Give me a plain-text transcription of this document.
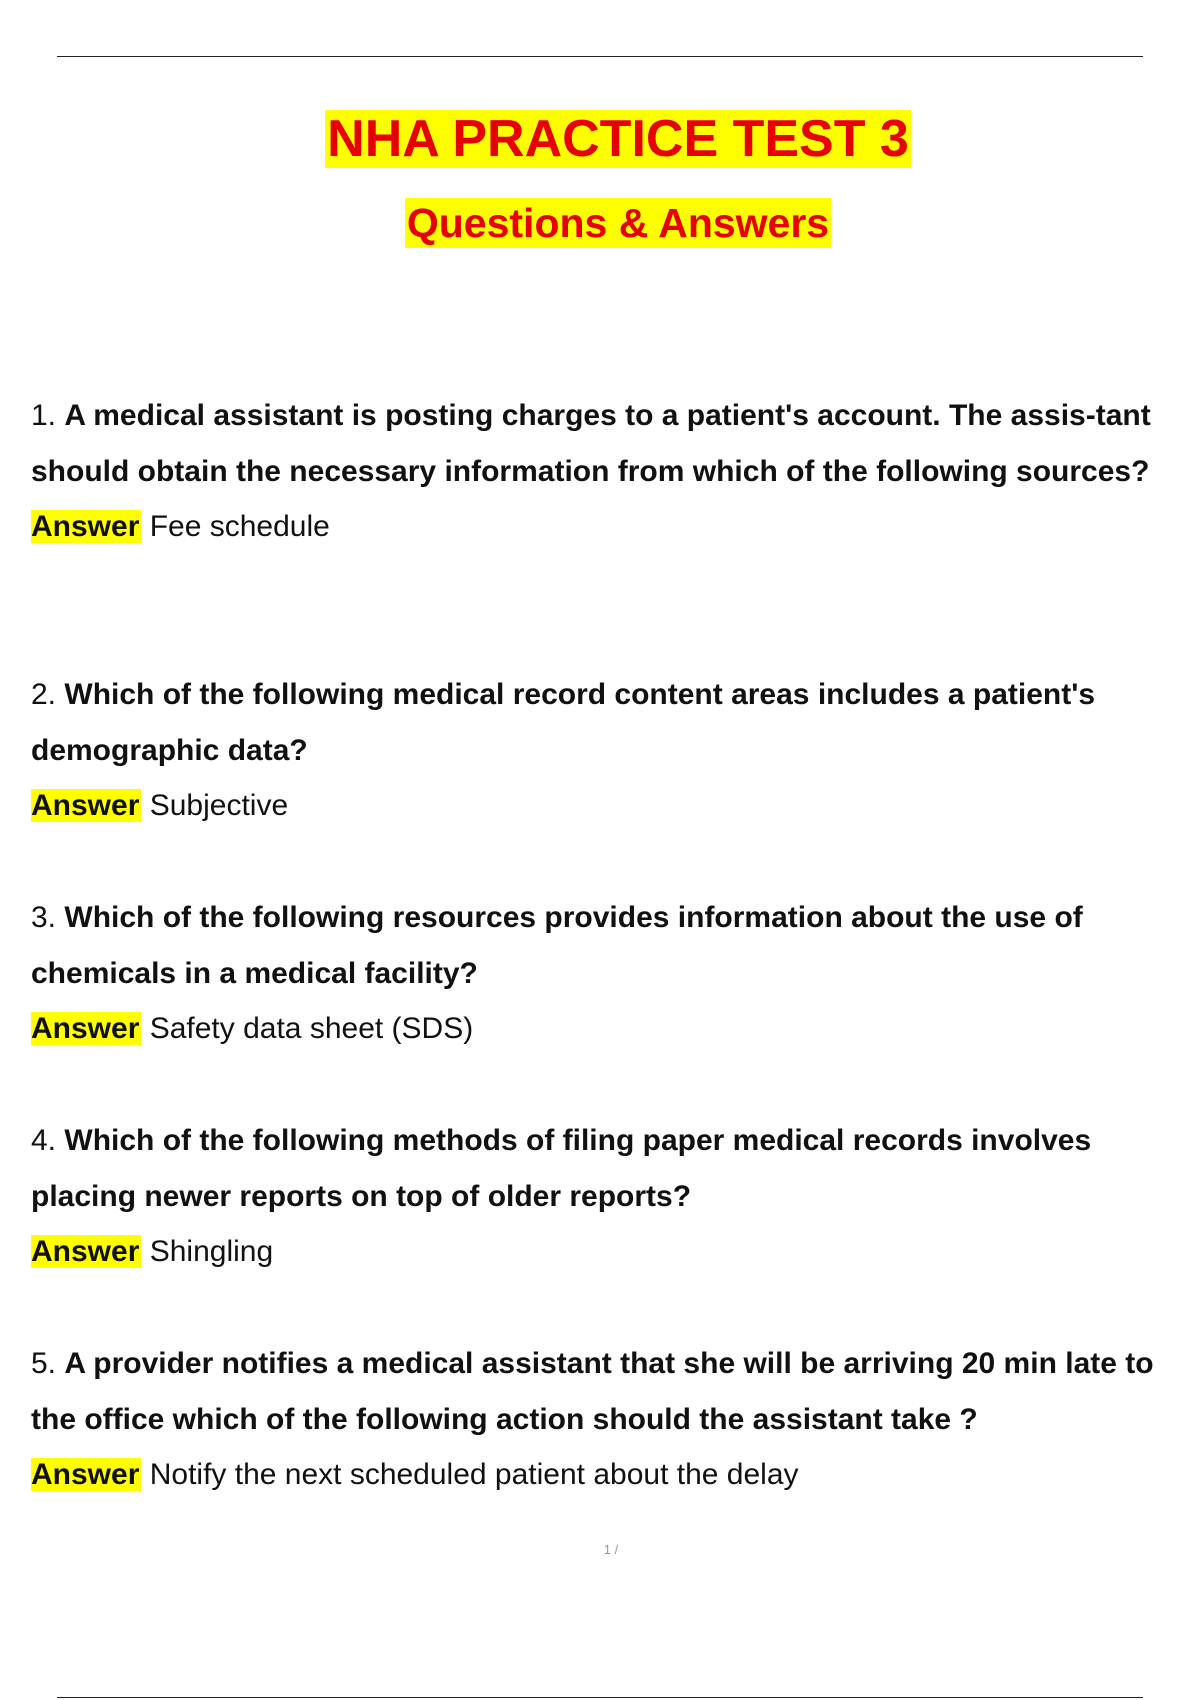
NHA PRACTICE TEST 3
Questions & Answers
1. A medical assistant is posting charges to a patient's account. The assis-tant should obtain the necessary information from which of the following sources?
Answer Fee schedule
2. Which of the following medical record content areas includes a patient's demographic data?
Answer Subjective
3. Which of the following resources provides information about the use of chemicals in a medical facility?
Answer Safety data sheet (SDS)
4. Which of the following methods of filing paper medical records involves placing newer reports on top of older reports?
Answer Shingling
5. A provider notifies a medical assistant that she will be arriving 20 min late to the office which of the following action should the assistant take ?
Answer Notify the next scheduled patient about the delay
1 /
